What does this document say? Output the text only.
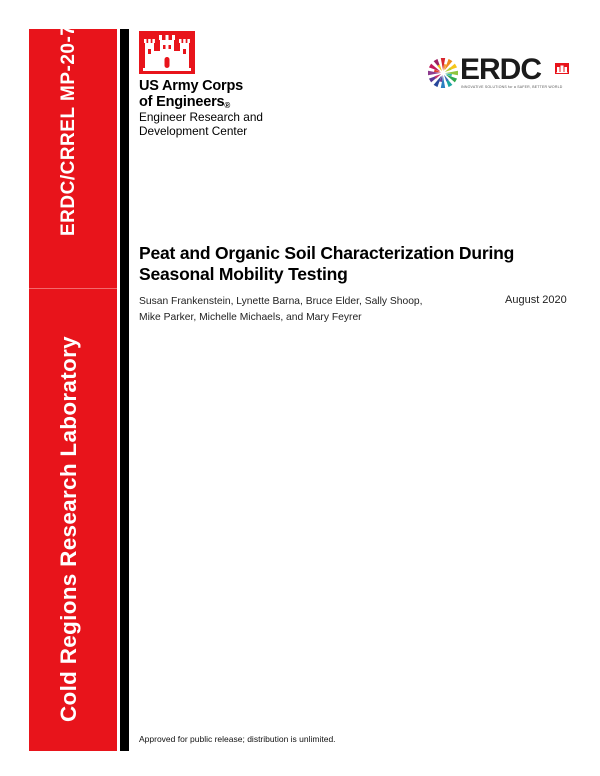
ERDC/CRREL MP-20-7
Cold Regions Research Laboratory
US Army Corps
of Engineers®
Engineer Research and
Development Center
ERDC
INNOVATIVE SOLUTIONS for a SAFER, BETTER WORLD
Peat and Organic Soil Characterization During Seasonal Mobility Testing
Susan Frankenstein, Lynette Barna, Bruce Elder, Sally Shoop, Mike Parker, Michelle Michaels, and Mary Feyrer
August 2020
Approved for public release; distribution is unlimited.
